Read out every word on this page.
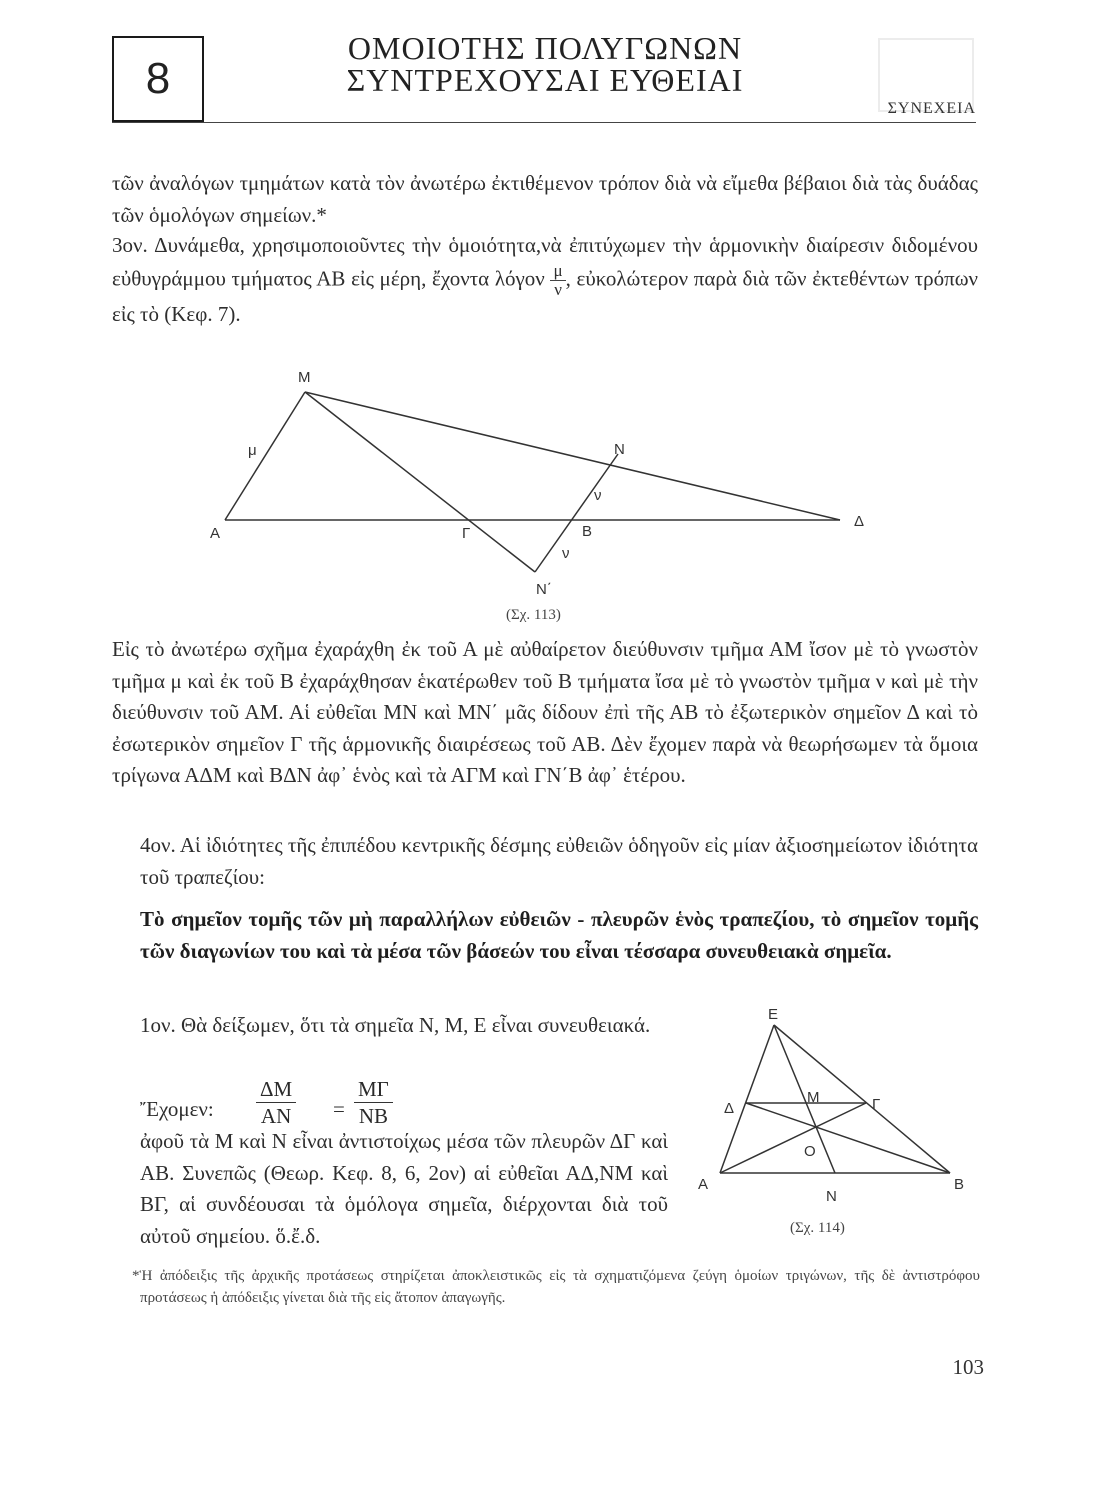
8
ΟΜΟΙΟΤΗΣ ΠΟΛΥΓΩΝΩΝ
ΣΥΝΤΡΕΧΟΥΣΑΙ ΕΥΘΕΙΑΙ
ΣΥΝΕΧΕΙΑ
τῶν ἀναλόγων τμημάτων κατὰ τὸν ἀνωτέρω ἐκτιθέμενον τρόπον διὰ νὰ εἴμεθα βέβαιοι διὰ τὰς δυάδας τῶν ὁμολόγων σημείων.*
3ον. Δυνάμεθα, χρησιμοποιοῦντες τὴν ὁμοιότητα,νὰ ἐπιτύχωμεν τὴν ἁρμονικὴν διαίρεσιν διδομένου εὐθυγράμμου τμήματος ΑΒ εἰς μέρη, ἔχοντα λόγον $\frac{\mu}{\nu}$ , εὐκολώτερον παρὰ διὰ τῶν ἐκτεθέντων τρόπων εἰς τὸ (Κεφ. 7).
M
μ	N
ν
ν
A	Γ	B
Δ
N΄
(Σχ. 113)
Εἰς τὸ ἀνωτέρω σχῆμα ἐχαράχθη ἐκ τοῦ Α μὲ αὐθαίρετον διεύθυνσιν τμῆμα ΑΜ ἴσον μὲ τὸ γνωστὸν τμῆμα μ καὶ ἐκ τοῦ Β ἐχαράχθησαν ἑκατέρωθεν τοῦ Β τμήματα ἴσα μὲ τὸ γνωστὸν τμῆμα ν καὶ μὲ τὴν διεύθυνσιν τοῦ ΑΜ. Αἱ εὐθεῖαι ΜΝ καὶ ΜΝ΄ μᾶς δίδουν ἐπὶ τῆς ΑΒ τὸ ἐξωτερικὸν σημεῖον Δ καὶ τὸ ἐσωτερικὸν σημεῖον Γ τῆς ἁρμονικῆς διαιρέσεως τοῦ ΑΒ. Δὲν ἔχομεν παρὰ νὰ θεωρήσωμεν τὰ ὅμοια τρίγωνα ΑΔΜ καὶ ΒΔΝ ἀφ᾽ ἑνὸς καὶ τὰ ΑΓΜ καὶ ΓΝ΄Β ἀφ᾽ ἑτέρου.
4ον. Αἱ ἰδιότητες τῆς ἐπιπέδου κεντρικῆς δέσμης εὐθειῶν ὁδηγοῦν εἰς μίαν ἀξιοσημείωτον ἰδιότητα τοῦ τραπεζίου:
Τὸ σημεῖον τομῆς τῶν μὴ παραλλήλων εὐθειῶν - πλευρῶν ἑνὸς τραπεζίου, τὸ σημεῖον τομῆς τῶν διαγωνίων του καὶ τὰ μέσα τῶν βάσεών του εἶναι τέσσαρα συνευθειακὰ σημεῖα.
1ον. Θὰ δείξωμεν, ὅτι τὰ σημεῖα Ν, Μ, Ε εἶναι συνευθειακά.
Ἔχομεν: $\frac{\Delta M}{AN} = \frac{M\Gamma}{NB}$
ἀφοῦ τὰ Μ καὶ Ν εἶναι ἀντιστοίχως μέσα τῶν πλευρῶν ΔΓ καὶ ΑΒ. Συνεπῶς (Θεωρ. Κεφ. 8, 6, 2ον) αἱ εὐθεῖαι ΑΔ,ΝΜ καὶ ΒΓ, αἱ συνδέουσαι τὰ ὁμόλογα σημεῖα, διέρχονται διὰ τοῦ αὐτοῦ σημείου. ὅ.ἔ.δ.
E
Δ
M	Γ
O
A
N
B
(Σχ. 114)
*Ἡ ἀπόδειξις τῆς ἀρχικῆς προτάσεως στηρίζεται ἀποκλειστικῶς εἰς τὰ σχηματιζόμενα ζεύγη ὁμοίων τριγώνων, τῆς δὲ ἀντιστρόφου προτάσεως ἡ ἀπόδειξις γίνεται διὰ τῆς εἰς ἄτοπον ἀπαγωγῆς.
103
